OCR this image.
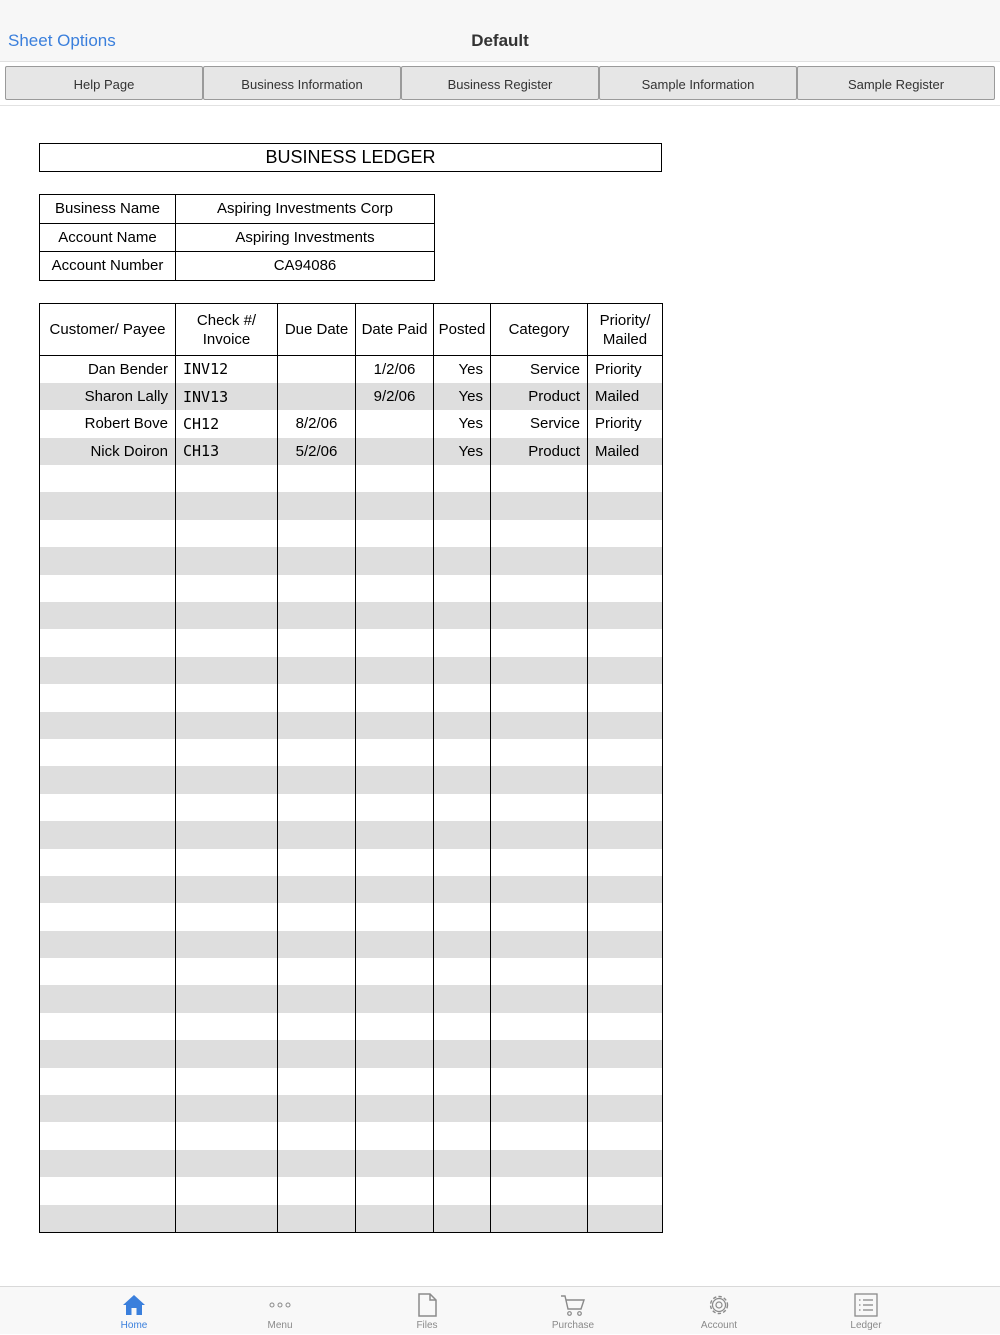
Sheet Options	Default
Help Page	Business Information	Business Register	Sample Information	Sample Register
BUSINESS LEDGER
Business Name	Aspiring Investments Corp
Account Name	Aspiring Investments
Account Number	CA94086
Customer/ Payee	Check #/ Invoice	Due Date	Date Paid	Posted	Category	Priority/ Mailed
Dan Bender	INV12		1/2/06	Yes	Service	Priority
Sharon Lally	INV13		9/2/06	Yes	Product	Mailed
Robert Bove	CH12	8/2/06		Yes	Service	Priority
Nick Doiron	CH13	5/2/06		Yes	Product	Mailed

Home	Menu	Files	Purchase	Account	Ledger
